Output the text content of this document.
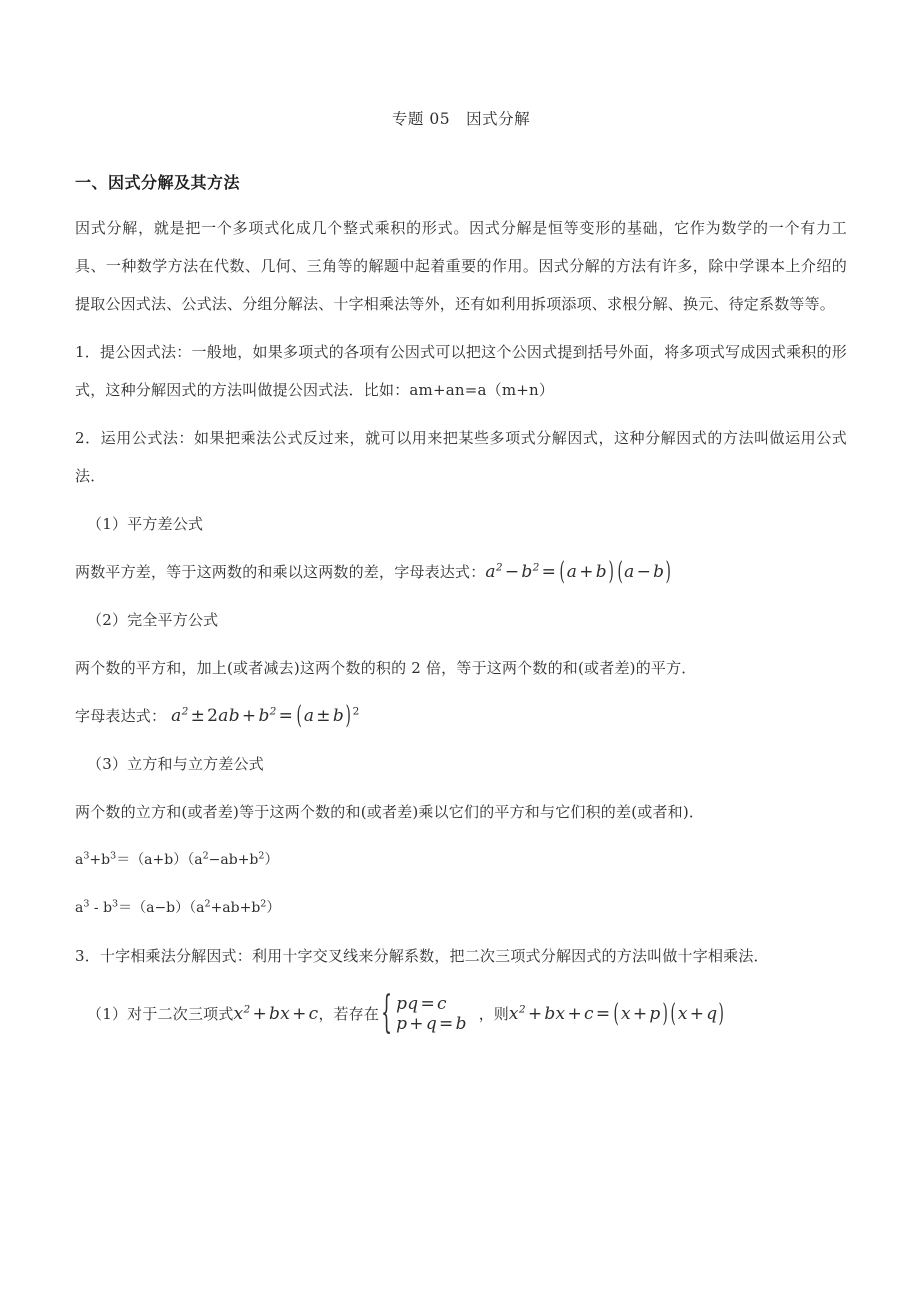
专题 05 因式分解
一、因式分解及其方法

因式分解，就是把一个多项式化成几个整式乘积的形式。因式分解是恒等变形的基础，它作为数学的一个有力工具、一种数学方法在代数、几何、三角等的解题中起着重要的作用。因式分解的方法有许多，除中学课本上介绍的提取公因式法、公式法、分组分解法、十字相乘法等外，还有如利用拆项添项、求根分解、换元、待定系数等等。

1．提公因式法：一般地，如果多项式的各项有公因式可以把这个公因式提到括号外面，将多项式写成因式乘积的形式，这种分解因式的方法叫做提公因式法．比如：am+an=a（m+n）

2．运用公式法：如果把乘法公式反过来，就可以用来把某些多项式分解因式，这种分解因式的方法叫做运用公式法．

（1）平方差公式

两数平方差，等于这两数的和乘以这两数的差，字母表达式：$a^2 - b^2 = (a + b) (a - b)$

（2）完全平方公式

两个数的平方和，加上(或者减去)这两个数的积的 2 倍，等于这两个数的和(或者差)的平方．

字母表达式： $a^2 \pm 2ab + b^2 = (a \pm b)^2$

（3）立方和与立方差公式

两个数的立方和(或者差)等于这两个数的和(或者差)乘以它们的平方和与它们积的差(或者和)．

$a^3+b^3=(a+b)(a^2-ab+b^2)$

$a^3 - b^3=(a-b)(a^2+ab+b^2)$

3．十字相乘法分解因式：利用十字交叉线来分解系数，把二次三项式分解因式的方法叫做十字相乘法．

（1）对于二次三项式$x^2$ + bx + c，若存在 { pq = c
p + q = b ，则$x^2$ + bx + c = (x + p) (x + q)
